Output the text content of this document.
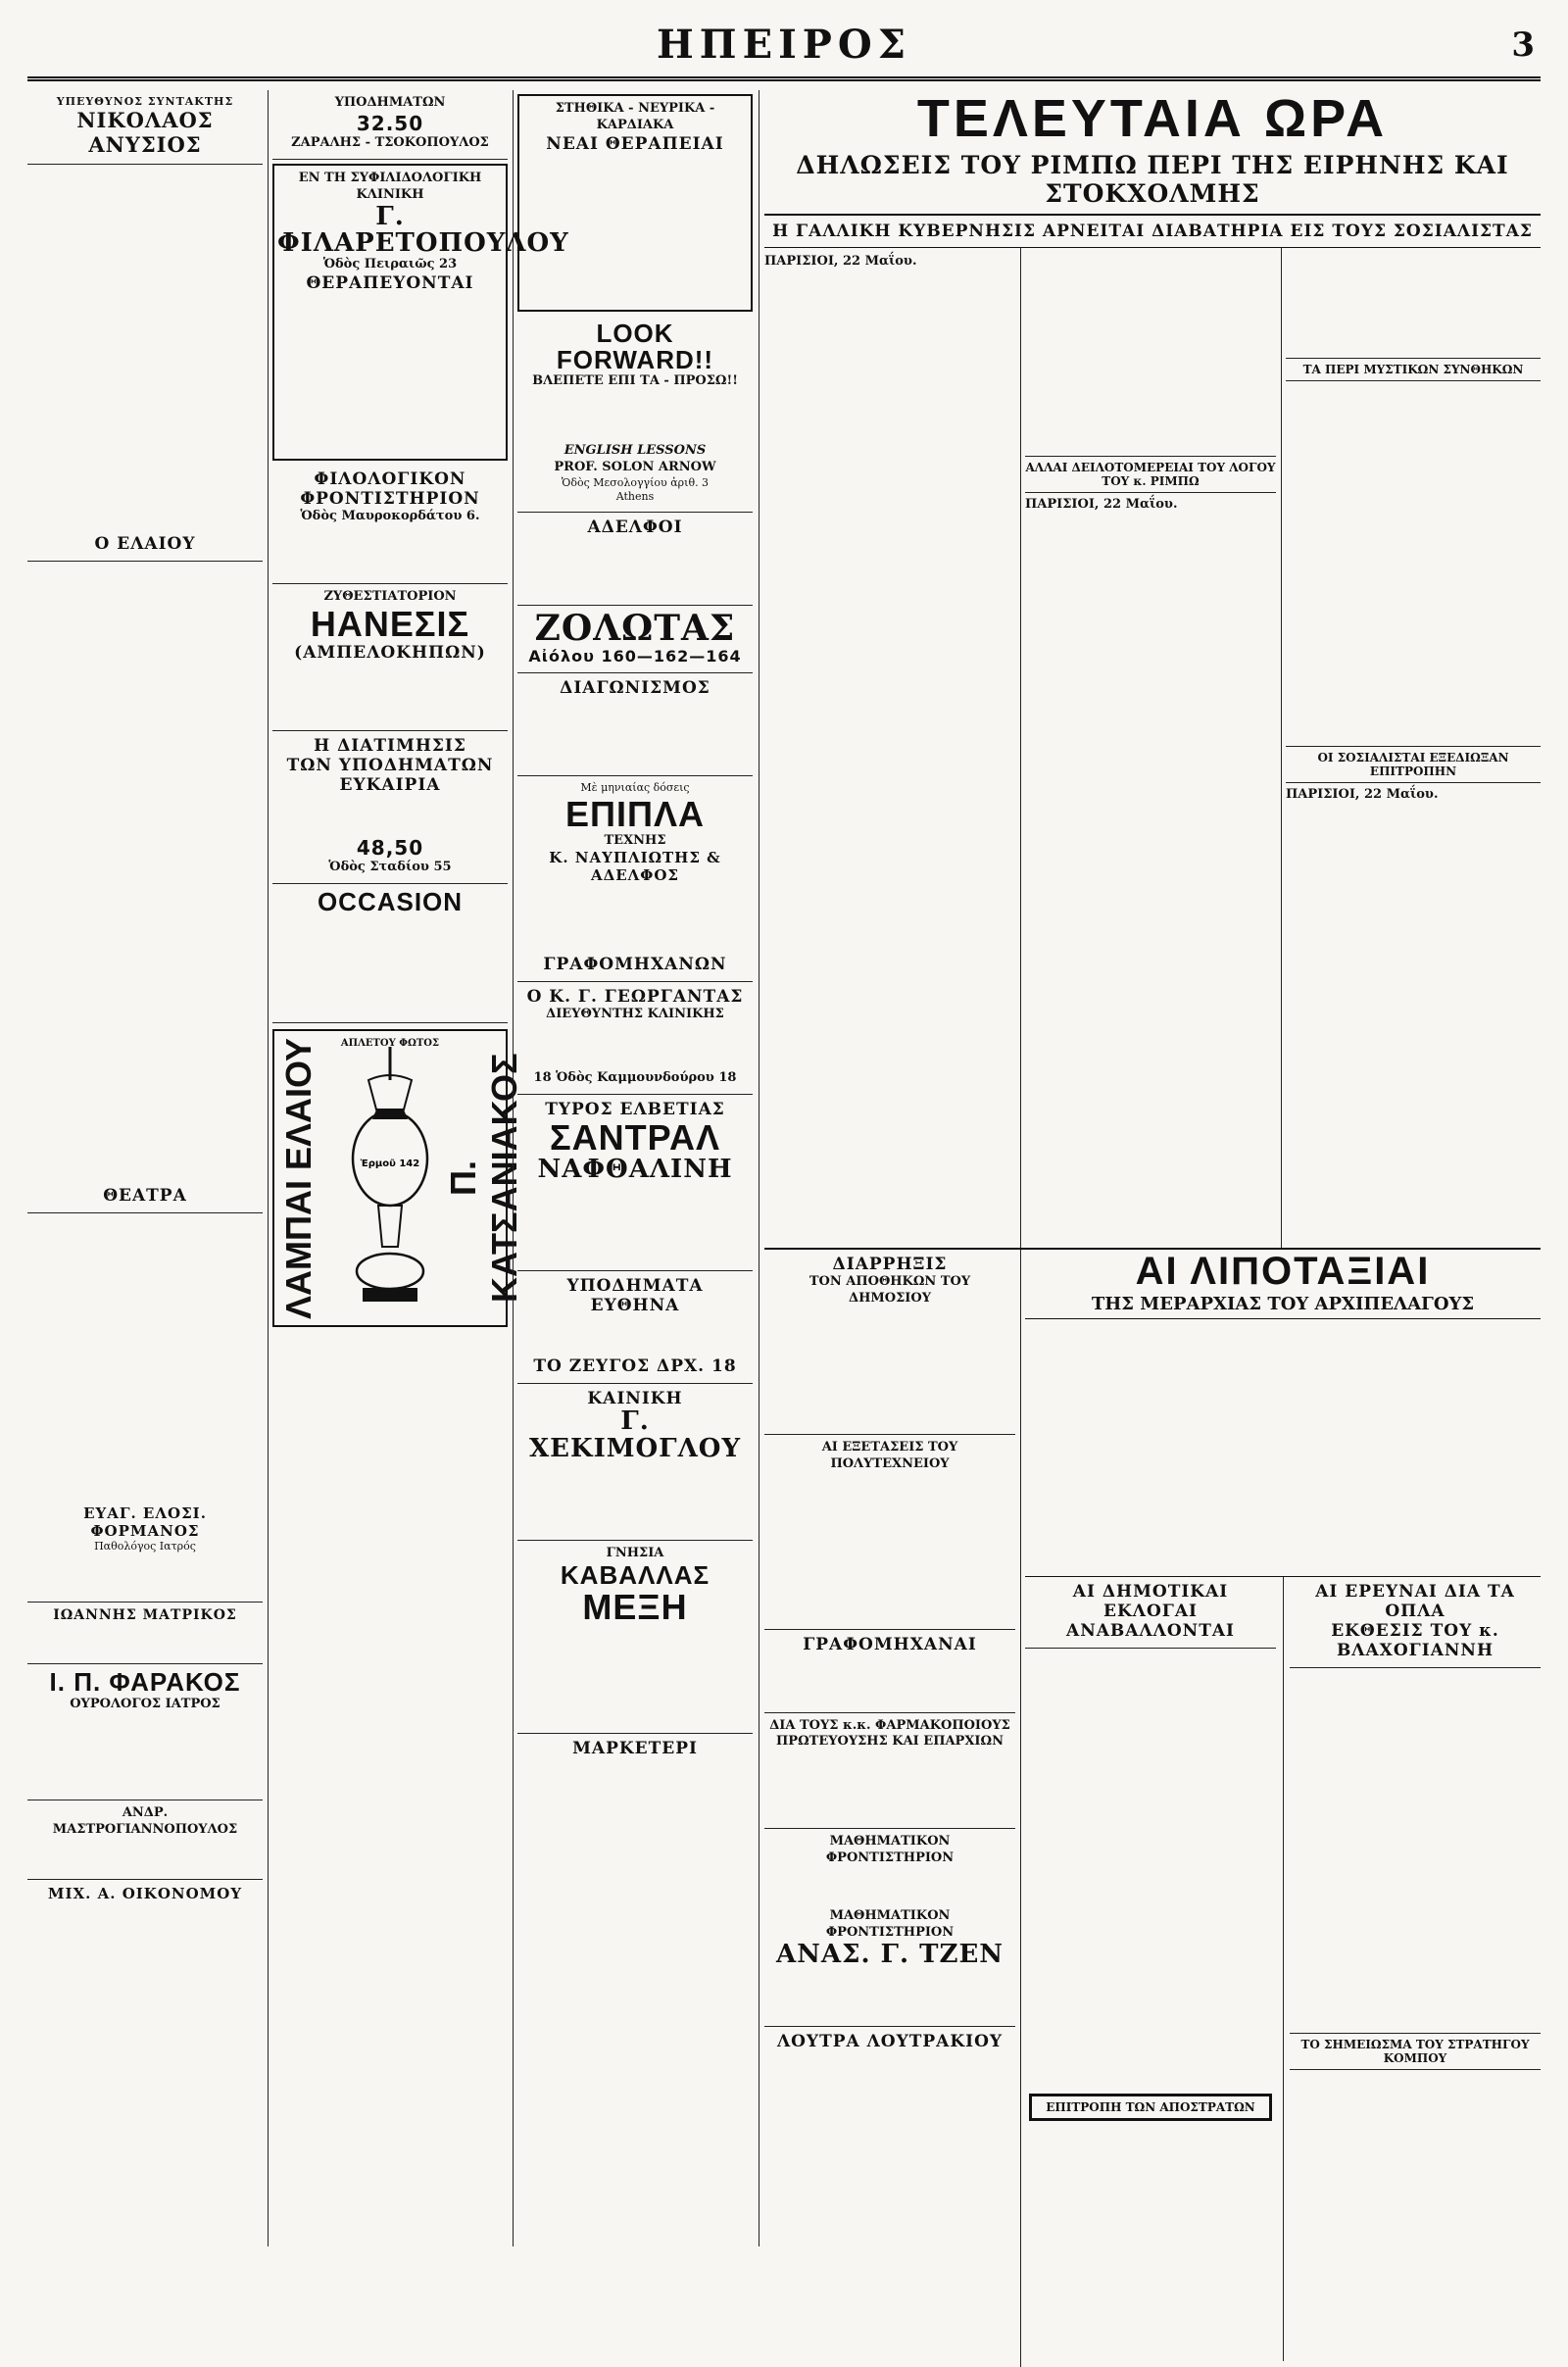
ΗΠΕΙΡΟΣ	3
ΥΠΕΥΘΥΝΟΣ ΣΥΝΤΑΚΤΗΣ
ΝΙΚΟΛΑΟΣ ΑΝΥΣΙΟΣ
Ο ΕΛΑΙΟΥ
ΘΕΑΤΡΑ
ΕΥΑΓ. ΕΛΟΣΙ. ΦΟΡΜΑΝΟΣ
Παθολόγος Ιατρός
ΙΩΑΝΝΗΣ ΜΑΤΡΙΚΟΣ
Ι. Π. ΦΑΡΑΚΟΣ
ΟΥΡΟΛΟΓΟΣ ΙΑΤΡΟΣ
ΑΝΔΡ. ΜΑΣΤΡΟΓΙΑΝΝΟΠΟΥΛΟΣ
ΜΙΧ. Α. ΟΙΚΟΝΟΜΟΥ
ΥΠΟΔΗΜΑΤΩΝ
32.50
ΖΑΡΑΛΗΣ - ΤΣΟΚΟΠΟΥΛΟΣ
ΕΝ ΤΗ ΣΥΦΙΛΙΔΟΛΟΓΙΚΗ ΚΛΙΝΙΚΗ
Γ. ΦΙΛΑΡΕΤΟΠΟΥΛΟΥ
Ὁδὸς Πειραιῶς 23
ΘΕΡΑΠΕΥΟΝΤΑΙ
ΦΙΛΟΛΟΓΙΚΟΝ
ΦΡΟΝΤΙΣΤΗΡΙΟΝ
Ὁδὸς Μαυροκορδάτου 6.
ΖΥΘΕΣΤΙΑΤΟΡΙΟΝ
ΗΑΝΕΣΙΣ
(ΑΜΠΕΛΟΚΗΠΩΝ)
Η ΔΙΑΤΙΜΗΣΙΣ
ΤΩΝ ΥΠΟΔΗΜΑΤΩΝ
ΕΥΚΑΙΡΙΑ
48,50
Ὁδὸς Σταδίου 55
OCCASION
ΛΑΜΠΑΙ ΕΛΑΙΟΥ	Ἑρμοῦ 142 Π. ΚΑΤΣΑΝΙΑΚΟΣ
ΑΠΛΕΤΟΥ ΦΩΤΟΣ
ΣΤΗΘΙΚΑ - ΝΕΥΡΙΚΑ - ΚΑΡΔΙΑΚΑ
ΝΕΑΙ ΘΕΡΑΠΕΙΑΙ
LOOK FORWARD!!
ΒΛΕΠΕΤΕ ΕΠΙ ΤΑ - ΠΡΟΣΩ!!
ENGLISH LESSONS
PROF. SOLON ARNOW
Ὁδὸς Μεσολογγίου ἀριθ. 3
Athens
ΑΔΕΛΦΟΙ
ΖΟΛΩΤΑΣ
Αἰόλου 160—162—164
ΔΙΑΓΩΝΙΣΜΟΣ
Μὲ μηνιαίας δόσεις
ΕΠΙΠΛΑ
ΤΕΧΝΗΣ
Κ. ΝΑΥΠΛΙΩΤΗΣ & ΑΔΕΛΦΟΣ
ΓΡΑΦΟΜΗΧΑΝΩΝ
Ο Κ. Γ. ΓΕΩΡΓΑΝΤΑΣ
ΔΙΕΥΘΥΝΤΗΣ ΚΛΙΝΙΚΗΣ
18 Ὁδὸς Καμμουνδούρου 18
ΤΥΡΟΣ ΕΛΒΕΤΙΑΣ
ΣΑΝΤΡΑΛ
ΝΑΦΘΑΛΙΝΗ
ΥΠΟΔΗΜΑΤΑ ΕΥΘΗΝΑ
ΤΟ ΖΕΥΓΟΣ ΔΡΧ. 18
ΚΑΙΝΙΚΗ
Γ. ΧΕΚΙΜΟΓΛΟΥ
ΓΝΗΣΙΑ
ΚΑΒΑΛΛΑΣ
ΜΕΞΗ
ΜΑΡΚΕΤΕΡΙ
ΤΕΛΕΥΤΑΙΑ ΩΡΑ
ΔΗΛΩΣΕΙΣ ΤΟΥ ΡΙΜΠΩ ΠΕΡΙ ΤΗΣ ΕΙΡΗΝΗΣ ΚΑΙ ΣΤΟΚΧΟΛΜΗΣ
Η ΓΑΛΛΙΚΗ ΚΥΒΕΡΝΗΣΙΣ ΑΡΝΕΙΤΑΙ ΔΙΑΒΑΤΗΡΙΑ ΕΙΣ ΤΟΥΣ ΣΟΣΙΑΛΙΣΤΑΣ
ΠΑΡΙΣΙΟΙ, 22 Μαΐου.
ΑΛΛΑΙ ΔΕΙΛΟΤΟΜΕΡΕΙΑΙ ΤΟΥ ΛΟΓΟΥ ΤΟΥ κ. ΡΙΜΠΩ
ΠΑΡΙΣΙΟΙ, 22 Μαΐου.
ΤΑ ΠΕΡΙ ΜΥΣΤΙΚΩΝ ΣΥΝΘΗΚΩΝ
ΟΙ ΣΟΣΙΑΛΙΣΤΑΙ ΕΞΕΔΙΩΞΑΝ ΕΠΙΤΡΟΠΗΝ
ΠΑΡΙΣΙΟΙ, 22 Μαΐου.
ΔΙΑΡΡΗΞΙΣ
ΤΟΝ ΑΠΟΘΗΚΩΝ ΤΟΥ ΔΗΜΟΣΙΟΥ
ΑΙ ΕΞΕΤΑΣΕΙΣ ΤΟΥ ΠΟΛΥΤΕΧΝΕΙΟΥ
ΓΡΑΦΟΜΗΧΑΝΑΙ
ΔΙΑ ΤΟΥΣ κ.κ. ΦΑΡΜΑΚΟΠΟΙΟΥΣ
ΠΡΩΤΕΥΟΥΣΗΣ ΚΑΙ ΕΠΑΡΧΙΩΝ
ΜΑΘΗΜΑΤΙΚΟΝ ΦΡΟΝΤΙΣΤΗΡΙΟΝ
ΜΑΘΗΜΑΤΙΚΟΝ ΦΡΟΝΤΙΣΤΗΡΙΟΝ
ΑΝΑΣ. Γ. ΤΖΕΝ
ΛΟΥΤΡΑ ΛΟΥΤΡΑΚΙΟΥ
ΑΙ ΛΙΠΟΤΑΞΙΑΙ
ΤΗΣ ΜΕΡΑΡΧΙΑΣ ΤΟΥ ΑΡΧΙΠΕΛΑΓΟΥΣ
ΑΙ ΔΗΜΟΤΙΚΑΙ ΕΚΛΟΓΑΙ
ΑΝΑΒΑΛΛΟΝΤΑΙ
ΕΠΙΤΡΟΠΗ ΤΩΝ ΑΠΟΣΤΡΑΤΩΝ
ΑΙ ΕΡΕΥΝΑΙ ΔΙΑ ΤΑ ΟΠΛΑ
ΕΚΘΕΣΙΣ ΤΟΥ κ. ΒΛΑΧΟΓΙΑΝΝΗ
ΤΟ ΣΗΜΕΙΩΣΜΑ ΤΟΥ ΣΤΡΑΤΗΓΟΥ
ΚΟΜΠΟΥ
